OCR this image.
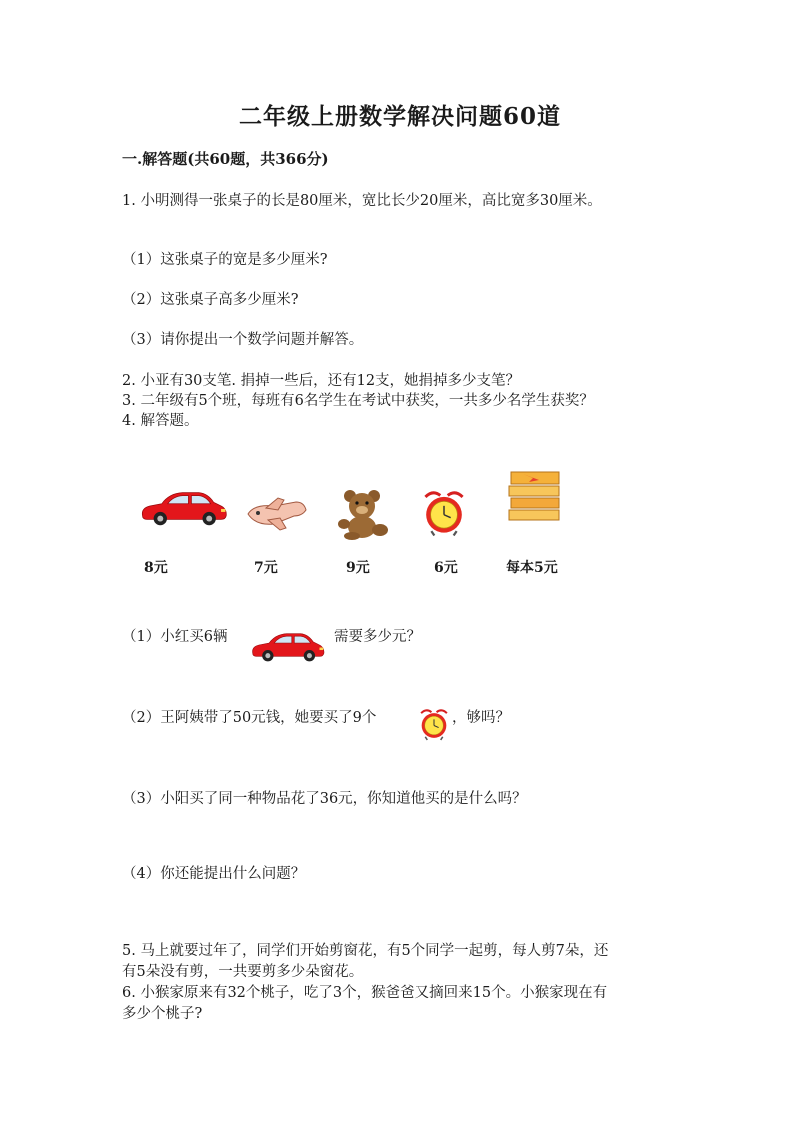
二年级上册数学解决问题60道
一.解答题(共60题，共366分)
1. 小明测得一张桌子的长是80厘米，宽比长少20厘米，高比宽多30厘米。
（1）这张桌子的宽是多少厘米?
（2）这张桌子高多少厘米?
（3）请你提出一个数学问题并解答。
2. 小亚有30支笔. 捐掉一些后，还有12支，她捐掉多少支笔？
3. 二年级有5个班，每班有6名学生在考试中获奖，一共多少名学生获奖？
4. 解答题。
8元	7元	9元	6元	每本5元
（1）小红买6辆	需要多少元？
（2）王阿姨带了50元钱，她要买了9个	，够吗？
（3）小阳买了同一种物品花了36元，你知道他买的是什么吗？
（4）你还能提出什么问题？
5. 马上就要过年了，同学们开始剪窗花，有5个同学一起剪，每人剪7朵，还
有5朵没有剪，一共要剪多少朵窗花。
6. 小猴家原来有32个桃子，吃了3个，猴爸爸又摘回来15个。小猴家现在有
多少个桃子?
